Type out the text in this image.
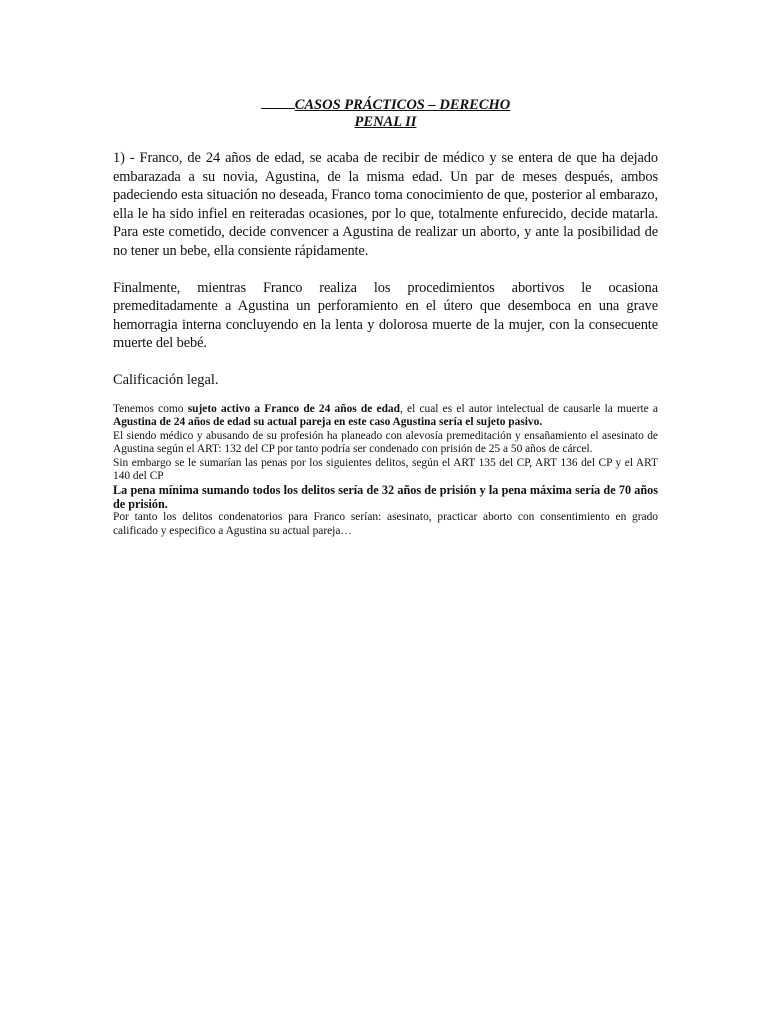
CASOS PRÁCTICOS – DERECHO

PENAL II

1) - Franco, de 24 años de edad, se acaba de recibir de médico y se entera de que ha dejado embarazada a su novia, Agustina, de la misma edad. Un par de meses después, ambos padeciendo esta situación no deseada, Franco toma conocimiento de que, posterior al embarazo, ella le ha sido infiel en reiteradas ocasiones, por lo que, totalmente enfurecido, decide matarla. Para este cometido, decide convencer a Agustina de realizar un aborto, y ante la posibilidad de no tener un bebe, ella consiente rápidamente.

Finalmente, mientras Franco realiza los procedimientos abortivos le ocasiona premeditadamente a Agustina un perforamiento en el útero que desemboca en una grave hemorragia interna concluyendo en la lenta y dolorosa muerte de la mujer, con la consecuente muerte del bebé.

Calificación legal.

Tenemos como sujeto activo a Franco de 24 años de edad, el cual es el autor intelectual de causarle la muerte a Agustina de 24 años de edad su actual pareja en este caso Agustina sería el sujeto pasivo.

El siendo médico y abusando de su profesión ha planeado con alevosía premeditación y ensañamiento el asesinato de Agustina según el ART: 132 del CP por tanto podría ser condenado con prisión de 25 a 50 años de cárcel.

Sin embargo se le sumarían las penas por los siguientes delitos, según el ART 135 del CP, ART 136 del CP y el ART 140 del CP

La pena mínima sumando todos los delitos sería de 32 años de prisión y la pena máxima sería de 70 años de prisión.

Por tanto los delitos condenatorios para Franco serían: asesinato, practicar aborto con consentimiento en grado calificado y especifico a Agustina su actual pareja…
